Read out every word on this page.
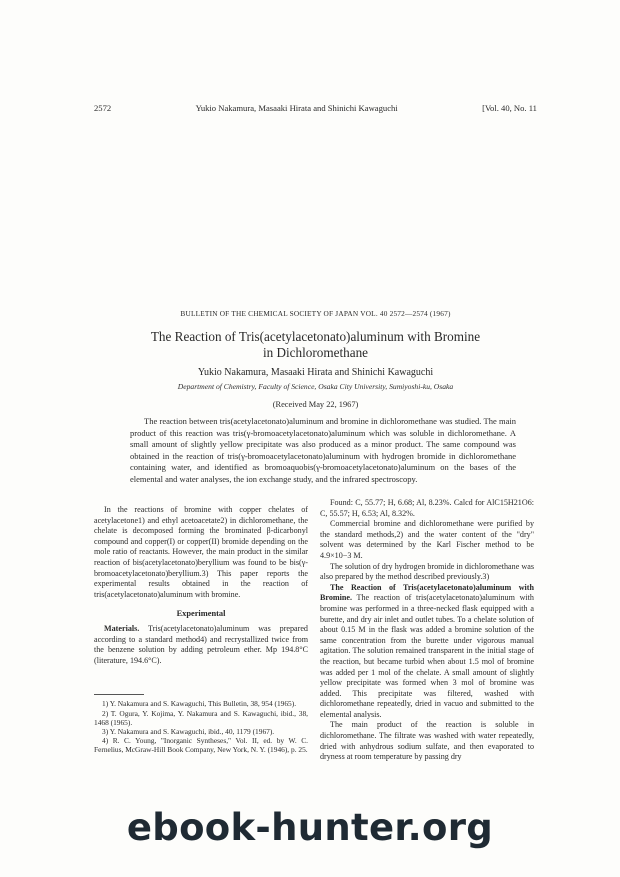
2572	Yukio Nakamura, Masaaki Hirata and Shinichi Kawaguchi	[Vol. 40, No. 11
BULLETIN OF THE CHEMICAL SOCIETY OF JAPAN VOL. 40 2572—2574 (1967)
The Reaction of Tris(acetylacetonato)aluminum with Bromine
in Dichloromethane
Yukio Nakamura, Masaaki Hirata and Shinichi Kawaguchi
Department of Chemistry, Faculty of Science, Osaka City University, Sumiyoshi-ku, Osaka
(Received May 22, 1967)

The reaction between tris(acetylacetonato)aluminum and bromine in dichloromethane was studied. The main product of this reaction was tris(γ-bromoacetylacetonato)aluminum which was soluble in dichloromethane. A small amount of slightly yellow precipitate was also produced as a minor product. The same compound was obtained in the reaction of tris(γ-bromoacetylacetonato)aluminum with hydrogen bromide in dichloromethane containing water, and identified as bromoaquobis(γ-bromoacetylacetonato)aluminum on the bases of the elemental and water analyses, the ion exchange study, and the infrared spectroscopy.

In the reactions of bromine with copper chelates of acetylacetone1) and ethyl acetoacetate2) in dichloromethane, the chelate is decomposed forming the brominated β-dicarbonyl compound and copper(I) or copper(II) bromide depending on the mole ratio of reactants. However, the main product in the similar reaction of bis(acetylacetonato)beryllium was found to be bis(γ-bromoacetylacetonato)beryllium.3) This paper reports the experimental results obtained in the reaction of tris(acetylacetonato)aluminum with bromine.

Experimental

Materials. Tris(acetylacetonato)aluminum was prepared according to a standard method4) and recrystallized twice from the benzene solution by adding petroleum ether. Mp 194.8°C (literature, 194.6°C).

1) Y. Nakamura and S. Kawaguchi, This Bulletin, 38, 954 (1965).

2) T. Ogura, Y. Kojima, Y. Nakamura and S. Kawaguchi, ibid., 38, 1468 (1965).

3) Y. Nakamura and S. Kawaguchi, ibid., 40, 1179 (1967).

4) R. C. Young, "Inorganic Syntheses," Vol. II, ed. by W. C. Fernelius, McGraw-Hill Book Company, New York, N. Y. (1946), p. 25.

Found: C, 55.77; H, 6.68; Al, 8.23%. Calcd for AlC15H21O6: C, 55.57; H, 6.53; Al, 8.32%.

Commercial bromine and dichloromethane were purified by the standard methods,2) and the water content of the "dry" solvent was determined by the Karl Fischer method to be 4.9×10−3 M.

The solution of dry hydrogen bromide in dichloromethane was also prepared by the method described previously.3)

The Reaction of Tris(acetylacetonato)aluminum with Bromine. The reaction of tris(acetylacetonato)aluminum with bromine was performed in a three-necked flask equipped with a burette, and dry air inlet and outlet tubes. To a chelate solution of about 0.15 M in the flask was added a bromine solution of the same concentration from the burette under vigorous manual agitation. The solution remained transparent in the initial stage of the reaction, but became turbid when about 1.5 mol of bromine was added per 1 mol of the chelate. A small amount of slightly yellow precipitate was formed when 3 mol of bromine was added. This precipitate was filtered, washed with dichloromethane repeatedly, dried in vacuo and submitted to the elemental analysis.

The main product of the reaction is soluble in dichloromethane. The filtrate was washed with water repeatedly, dried with anhydrous sodium sulfate, and then evaporated to dryness at room temperature by passing dry

ebook-hunter.org
